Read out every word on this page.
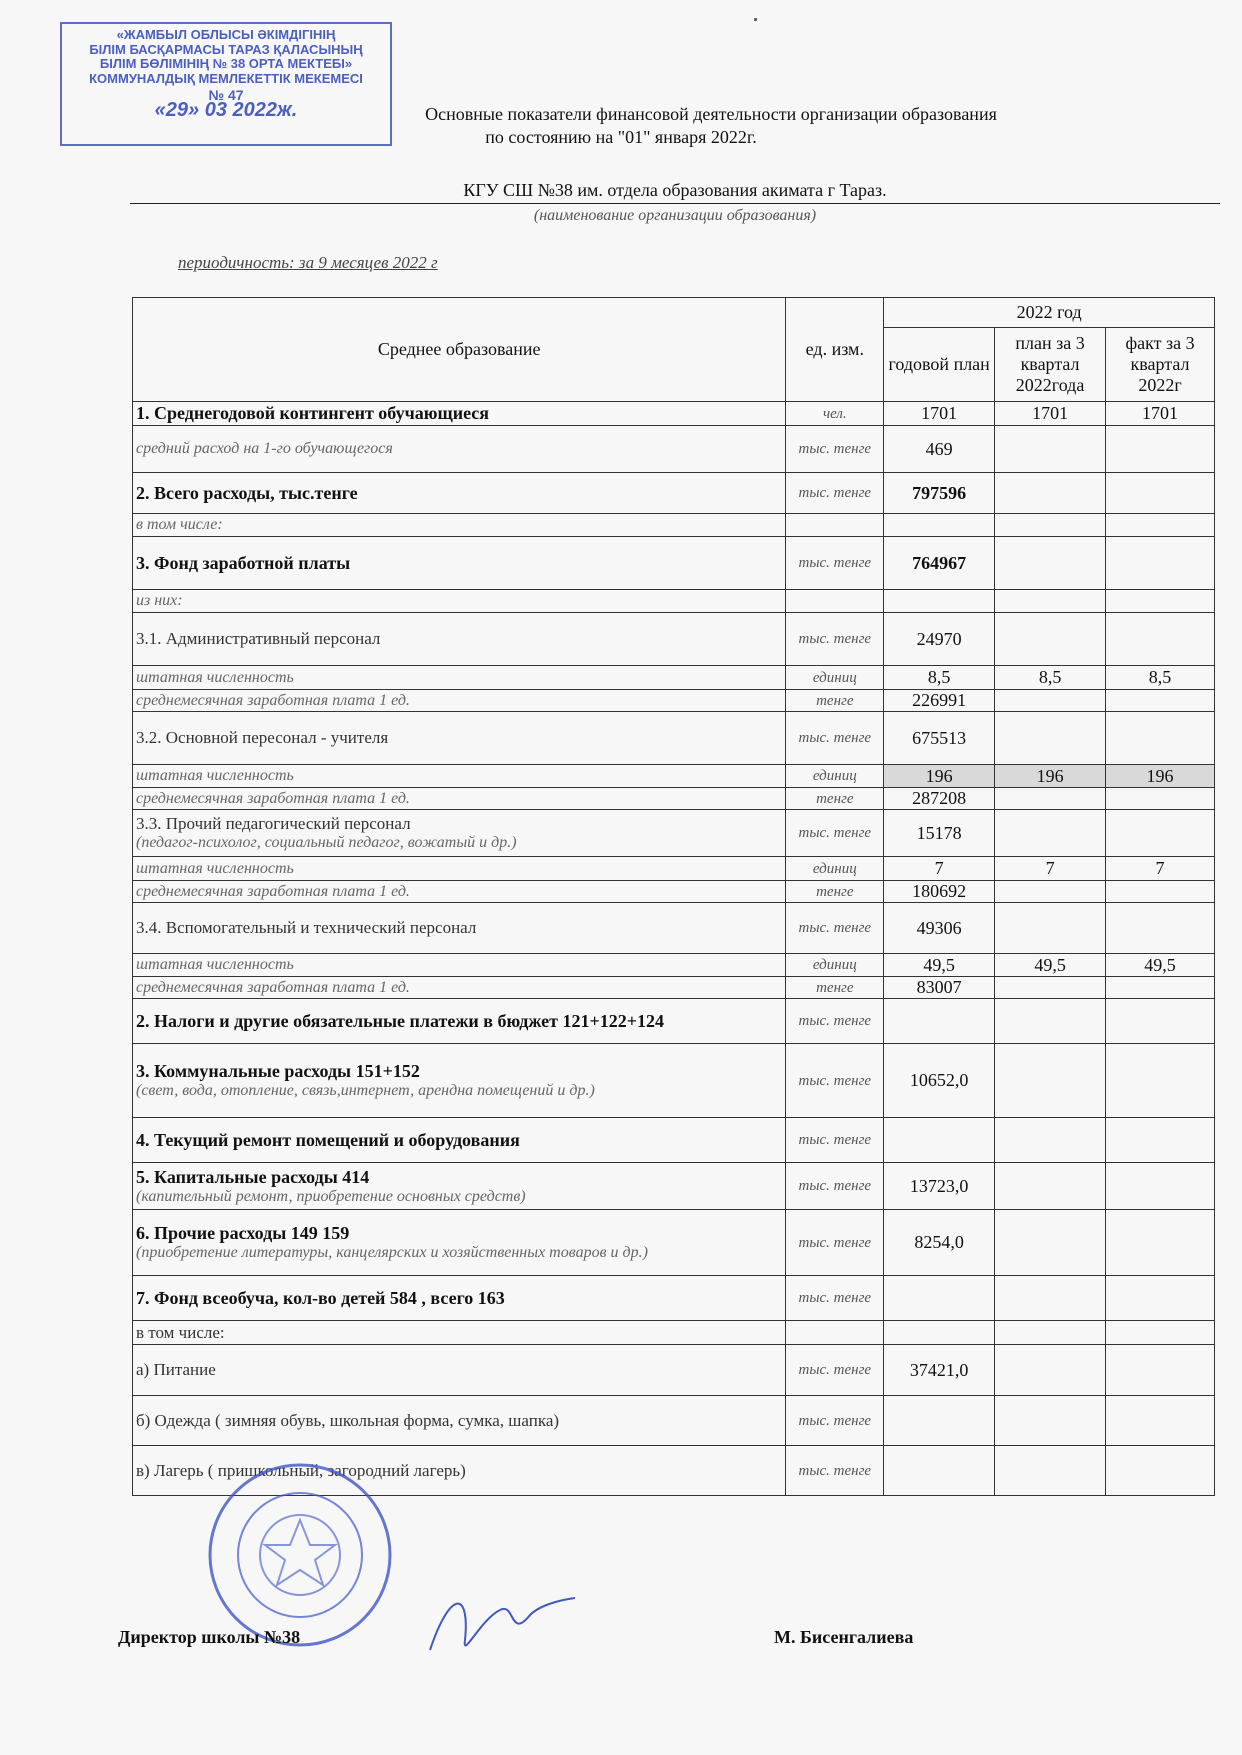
«ЖАМБЫЛ ОБЛЫСЫ ӘКІМДІГІНІҢ
БІЛІМ БАСҚАРМАСЫ ТАРАЗ ҚАЛАСЫНЫҢ
БІЛІМ БӨЛІМІНІҢ № 38 ОРТА МЕКТЕБІ»
КОММУНАЛДЫҚ МЕМЛЕКЕТТІК МЕКЕМЕСІ
№ 47
«29» 03 2022ж.	Основные показатели финансовой деятельности организации образования
по состоянию на "01" января 2022г.
КГУ СШ №38 им. отдела образования акимата г Тараз.
(наименование организации образования)
периодичность: за 9 месяцев 2022 г
Среднее образование	ед. изм.	2022 год		
		годовой план	план за 3 квартал 2022года	факт за 3 квартал 2022г
1. Среднегодовой контингент обучающиеся	чел.	1701	1701	1701
средний расход на 1-го обучающегося	тыс. тенге	469		
2. Всего расходы, тыс.тенге	тыс. тенге	797596		
в том числе:				
3. Фонд заработной платы	тыс. тенге	764967		
из них:				
3.1. Административный персонал	тыс. тенге	24970		
штатная численность	единиц	8,5	8,5	8,5
среднемесячная заработная плата 1 ед.	тенге	226991		
3.2. Основной пересонал - учителя	тыс. тенге	675513		
штатная численность	единиц	196	196	196
среднемесячная заработная плата 1 ед.	тенге	287208		
3.3. Прочий педагогический персонал
(педагог-психолог, социальный педагог, вожатый и др.)	тыс. тенге	15178		
штатная численность	единиц	7	7	7
среднемесячная заработная плата 1 ед.	тенге	180692		
3.4. Вспомогательный и технический персонал	тыс. тенге	49306		
штатная численность	единиц	49,5	49,5	49,5
среднемесячная заработная плата 1 ед.	тенге	83007		
2. Налоги и другие обязательные платежи в бюджет 121+122+124	тыс. тенге			
3. Коммунальные расходы 151+152
(свет, вода, отопление, связь,интернет, арендна помещений и др.)	тыс. тенге	10652,0		
4. Текущий ремонт помещений и оборудования	тыс. тенге			
5. Капитальные расходы 414
(капительный ремонт, приобретение основных средств)	тыс. тенге	13723,0		
6. Прочие расходы 149 159
(приобретение литературы, канцелярских и хозяйственных товаров и др.)	тыс. тенге	8254,0		
7. Фонд всеобуча, кол-во детей 584 , всего 163	тыс. тенге			
в том числе:				
а) Питание	тыс. тенге	37421,0		
б) Одежда ( зимняя обувь, школьная форма, сумка, шапка)	тыс. тенге			
в) Лагерь ( пришкольный, загородний лагерь)	тыс. тенге			
Директор школы №38	М. Бисенгалиева
